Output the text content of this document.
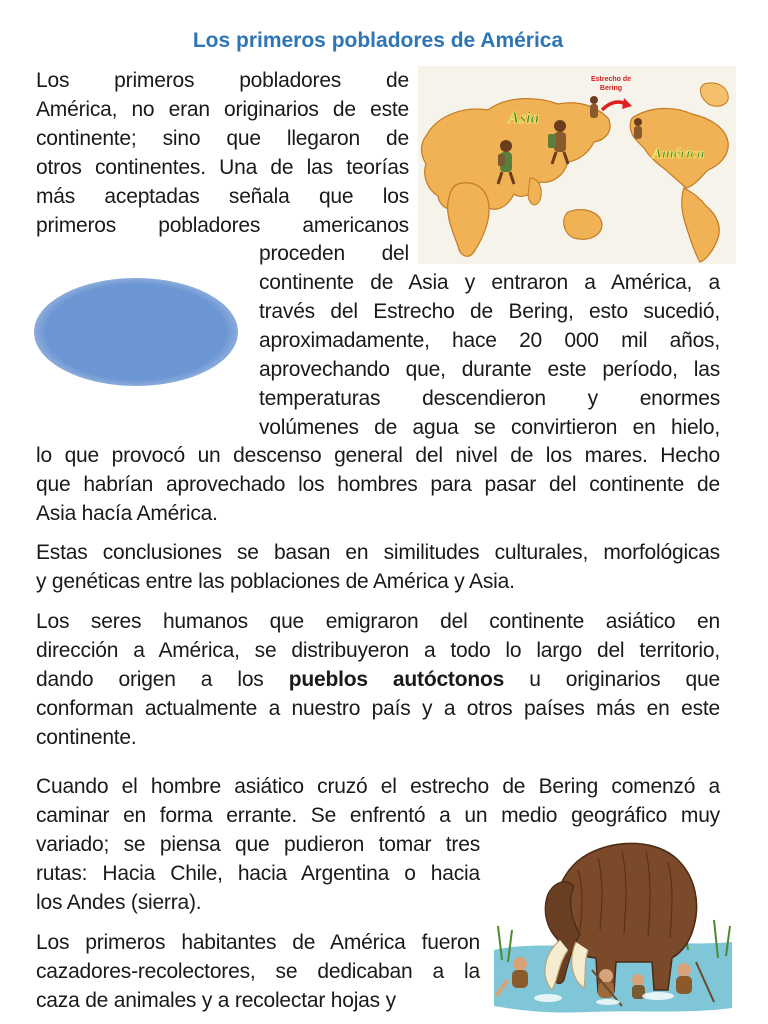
Los primeros pobladores de América
Estrecho de
Bering
Asia
América
Los primeros pobladores de
América, no eran originarios de este
continente; sino que llegaron de
otros continentes. Una de las teorías
más aceptadas señala que los
primeros pobladores americanos
proceden del
continente de Asia y entraron a América, a
través del Estrecho de Bering, esto sucedió,
aproximadamente, hace 20 000 mil años,
aprovechando que, durante este período, las
temperaturas descendieron y enormes
volúmenes de agua se convirtieron en hielo,
lo que provocó un descenso general del nivel de los mares. Hecho
que habrían aprovechado los hombres para pasar del continente de
Asia hacía América.
Estas conclusiones se basan en similitudes culturales, morfológicas
y genéticas entre las poblaciones de América y Asia.
Los seres humanos que emigraron del continente asiático en
dirección a América, se distribuyeron a todo lo largo del territorio,
dando origen a los pueblos autóctonos u originarios que
conforman actualmente a nuestro país y a otros países más en este
continente.
Cuando el hombre asiático cruzó el estrecho de Bering comenzó a
caminar en forma errante. Se enfrentó a un medio geográfico muy
variado; se piensa que pudieron tomar tres
rutas: Hacia Chile, hacia Argentina o hacia
los Andes (sierra).
Los primeros habitantes de América fueron
cazadores-recolectores, se dedicaban a la
caza de animales y a recolectar hojas y
